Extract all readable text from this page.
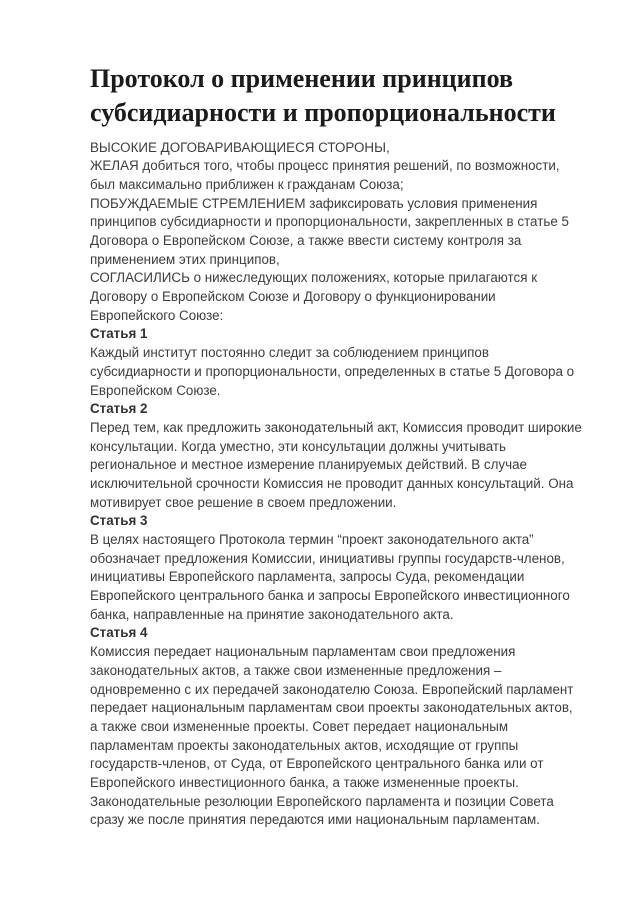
Протокол о применении принципов субсидиарности и пропорциональности
ВЫСОКИЕ ДОГОВАРИВАЮЩИЕСЯ СТОРОНЫ,
ЖЕЛАЯ добиться того, чтобы процесс принятия решений, по возможности, был максимально приближен к гражданам Союза;
ПОБУЖДАЕМЫЕ СТРЕМЛЕНИЕМ зафиксировать условия применения принципов субсидиарности и пропорциональности, закрепленных в статье 5 Договора о Европейском Союзе, а также ввести систему контроля за применением этих принципов,
СОГЛАСИЛИСЬ о нижеследующих положениях, которые прилагаются к Договору о Европейском Союзе и Договору о функционировании Европейского Союзе:
Статья 1
Каждый институт постоянно следит за соблюдением принципов субсидиарности и пропорциональности, определенных в статье 5 Договора о Европейском Союзе.
Статья 2
Перед тем, как предложить законодательный акт, Комиссия проводит широкие консультации. Когда уместно, эти консультации должны учитывать региональное и местное измерение планируемых действий. В случае исключительной срочности Комиссия не проводит данных консультаций. Она мотивирует свое решение в своем предложении.
Статья 3
В целях настоящего Протокола термин “проект законодательного акта” обозначает предложения Комиссии, инициативы группы государств-членов, инициативы Европейского парламента, запросы Суда, рекомендации Европейского центрального банка и запросы Европейского инвестиционного банка, направленные на принятие законодательного акта.
Статья 4
Комиссия передает национальным парламентам свои предложения законодательных актов, а также свои измененные предложения – одновременно с их передачей законодателю Союза. Европейский парламент передает национальным парламентам свои проекты законодательных актов, а также свои измененные проекты. Совет передает национальным парламентам проекты законодательных актов, исходящие от группы государств-членов, от Суда, от Европейского центрального банка или от Европейского инвестиционного банка, а также измененные проекты. Законодательные резолюции Европейского парламента и позиции Совета сразу же после принятия передаются ими национальным парламентам.
